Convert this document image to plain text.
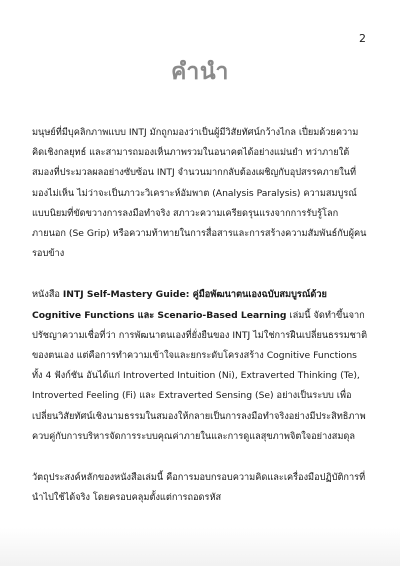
2
คำนำ

มนุษย์ที่มีบุคลิกภาพแบบ INTJ มักถูกมองว่าเป็นผู้มีวิสัยทัศน์กว้างไกล เปี่ยมด้วยความคิดเชิงกลยุทธ์ และสามารถมองเห็นภาพรวมในอนาคตได้อย่างแม่นยำ ทว่าภายใต้สมองที่ประมวลผลอย่างซับซ้อน INTJ จำนวนมากกลับต้องเผชิญกับอุปสรรคภายในที่มองไม่เห็น ไม่ว่าจะเป็นภาวะวิเคราะห์อัมพาต (Analysis Paralysis) ความสมบูรณ์แบบนิยมที่ขัดขวางการลงมือทำจริง สภาวะความเครียดรุนแรงจากการรับรู้โลกภายนอก (Se Grip) หรือความท้าทายในการสื่อสารและการสร้างความสัมพันธ์กับผู้คนรอบข้าง

หนังสือ INTJ Self-Mastery Guide: คู่มือพัฒนาตนเองฉบับสมบูรณ์ด้วย Cognitive Functions และ Scenario-Based Learning เล่มนี้ จัดทำขึ้นจากปรัชญาความเชื่อที่ว่า การพัฒนาตนเองที่ยั่งยืนของ INTJ ไม่ใช่การฝืนเปลี่ยนธรรมชาติของตนเอง แต่คือการทำความเข้าใจและยกระดับโครงสร้าง Cognitive Functions ทั้ง 4 ฟังก์ชัน อันได้แก่ Introverted Intuition (Ni), Extraverted Thinking (Te), Introverted Feeling (Fi) และ Extraverted Sensing (Se) อย่างเป็นระบบ เพื่อเปลี่ยนวิสัยทัศน์เชิงนามธรรมในสมองให้กลายเป็นการลงมือทำจริงอย่างมีประสิทธิภาพ ควบคู่กับการบริหารจัดการระบบคุณค่าภายในและการดูแลสุขภาพจิตใจอย่างสมดุล

วัตถุประสงค์หลักของหนังสือเล่มนี้ คือการมอบกรอบความคิดและเครื่องมือปฏิบัติการที่นำไปใช้ได้จริง โดยครอบคลุมตั้งแต่การถอดรหัส
